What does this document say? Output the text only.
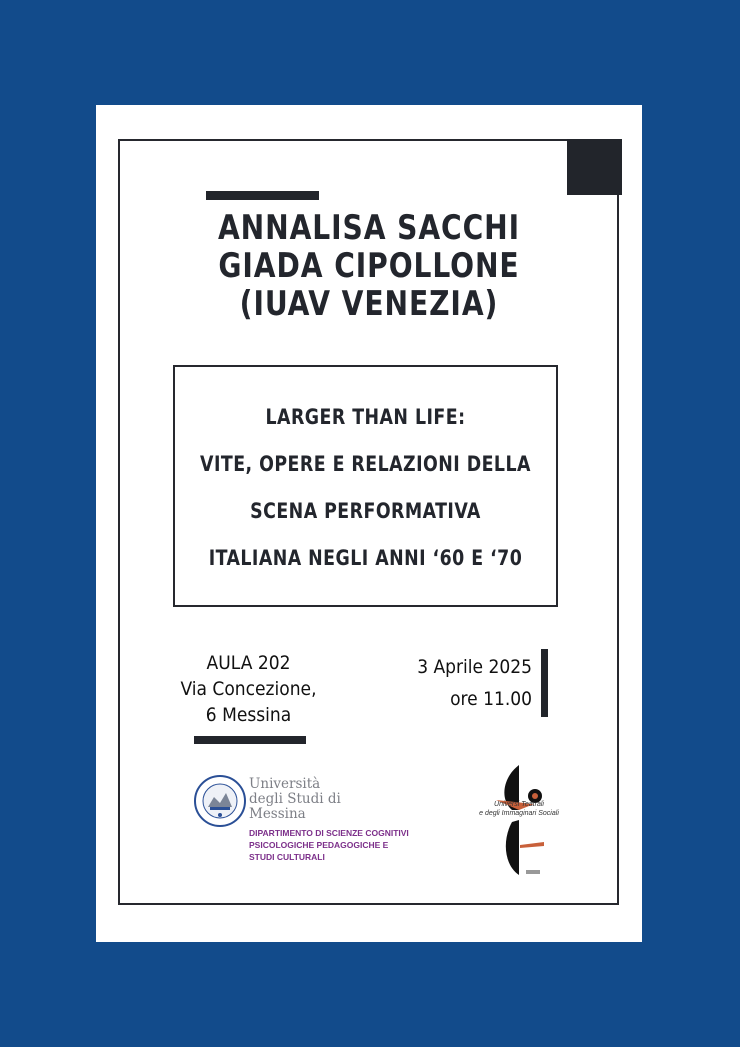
ANNALISA SACCHI
GIADA CIPOLLONE
(IUAV VENEZIA)
LARGER THAN LIFE:
VITE, OPERE E RELAZIONI DELLA
SCENA PERFORMATIVA
ITALIANA NEGLI ANNI ‘60 E ‘70
AULA 202
Via Concezione,
6 Messina
3 Aprile 2025
ore 11.00
Università
degli Studi di
Messina
DIPARTIMENTO DI SCIENZE COGNITIVI
PSICOLOGICHE PEDAGOGICHE E
STUDI CULTURALI
Universi Teatrali
e degli Immaginari Sociali
